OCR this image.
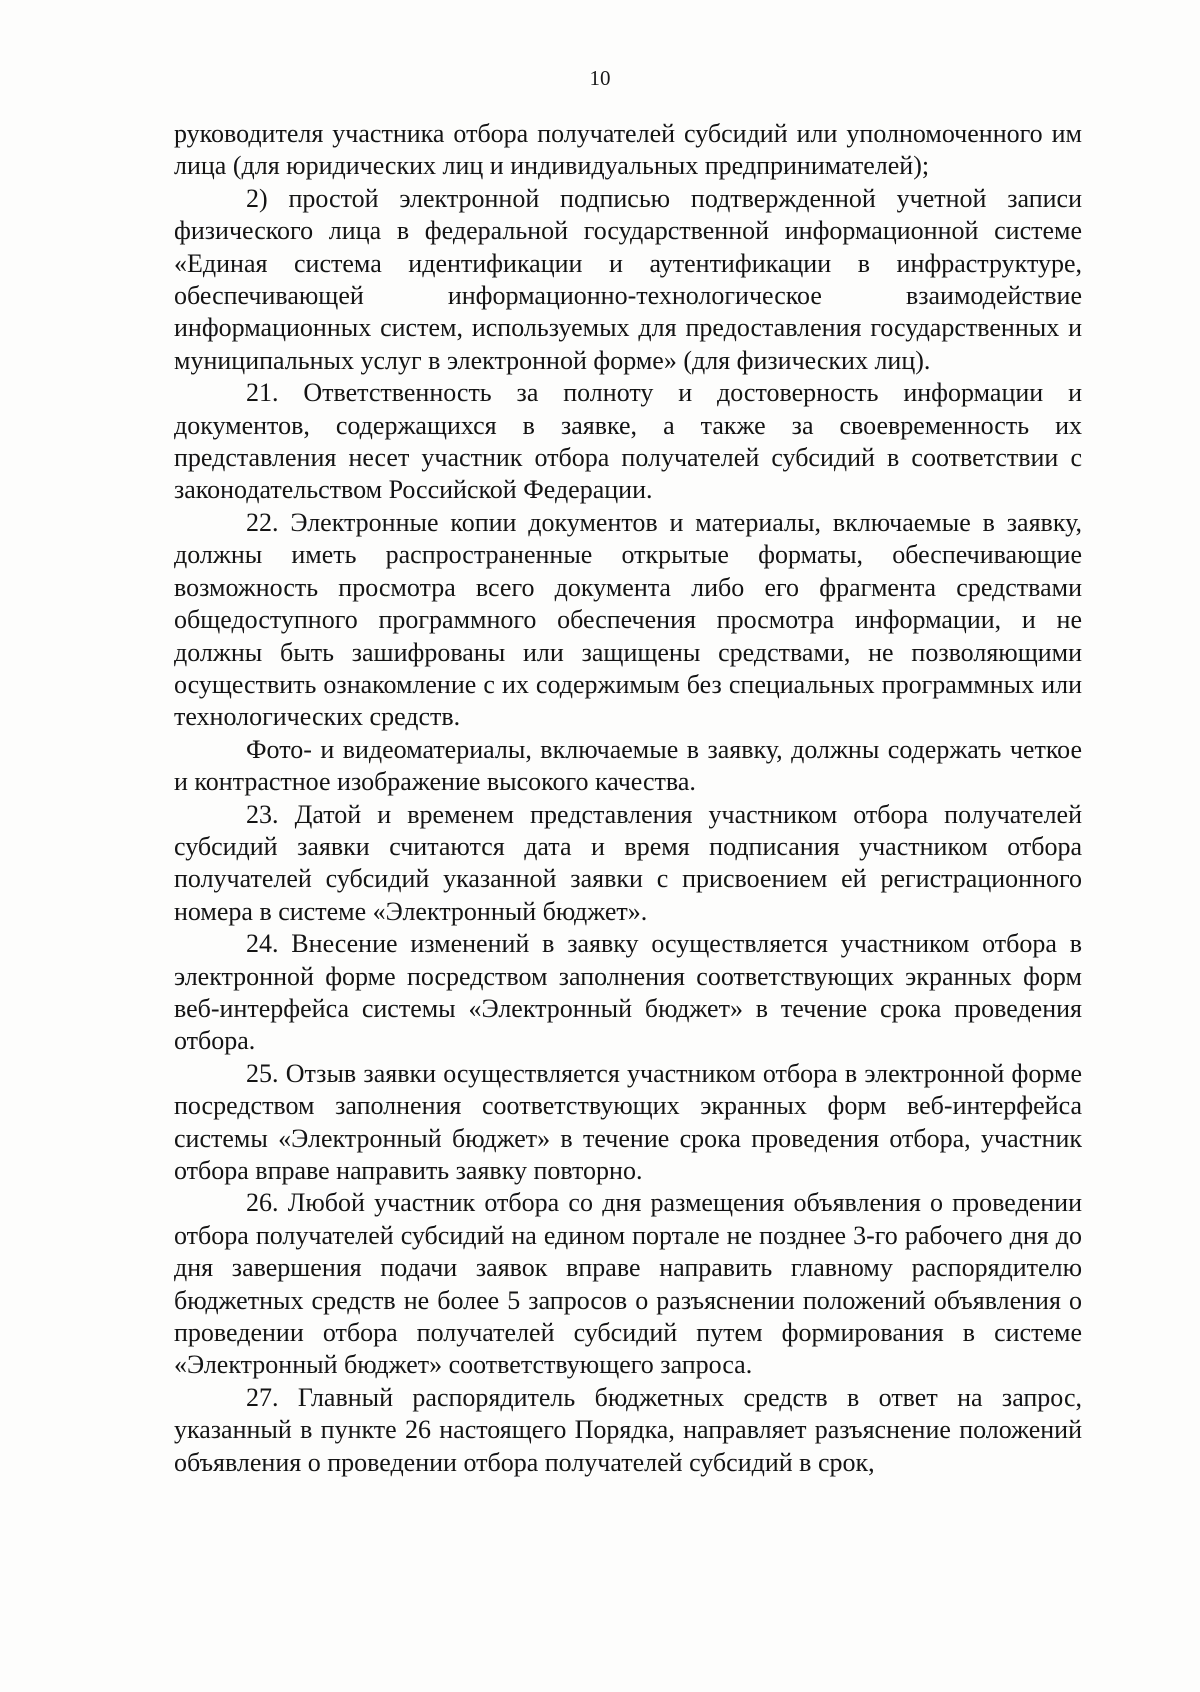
10

руководителя участника отбора получателей субсидий или уполномоченного им лица (для юридических лиц и индивидуальных предпринимателей);

2) простой электронной подписью подтвержденной учетной записи физического лица в федеральной государственной информационной системе «Единая система идентификации и аутентификации в инфраструктуре, обеспечивающей информационно-технологическое взаимодействие информационных систем, используемых для предоставления государственных и муниципальных услуг в электронной форме» (для физических лиц).

21. Ответственность за полноту и достоверность информации и документов, содержащихся в заявке, а также за своевременность их представления несет участник отбора получателей субсидий в соответствии с законодательством Российской Федерации.

22. Электронные копии документов и материалы, включаемые в заявку, должны иметь распространенные открытые форматы, обеспечивающие возможность просмотра всего документа либо его фрагмента средствами общедоступного программного обеспечения просмотра информации, и не должны быть зашифрованы или защищены средствами, не позволяющими осуществить ознакомление с их содержимым без специальных программных или технологических средств.

Фото- и видеоматериалы, включаемые в заявку, должны содержать четкое и контрастное изображение высокого качества.

23. Датой и временем представления участником отбора получателей субсидий заявки считаются дата и время подписания участником отбора получателей субсидий указанной заявки с присвоением ей регистрационного номера в системе «Электронный бюджет».

24. Внесение изменений в заявку осуществляется участником отбора в электронной форме посредством заполнения соответствующих экранных форм веб-интерфейса системы «Электронный бюджет» в течение срока проведения отбора.

25. Отзыв заявки осуществляется участником отбора в электронной форме посредством заполнения соответствующих экранных форм веб-интерфейса системы «Электронный бюджет» в течение срока проведения отбора, участник отбора вправе направить заявку повторно.

26. Любой участник отбора со дня размещения объявления о проведении отбора получателей субсидий на едином портале не позднее 3-го рабочего дня до дня завершения подачи заявок вправе направить главному распорядителю бюджетных средств не более 5 запросов о разъяснении положений объявления о проведении отбора получателей субсидий путем формирования в системе «Электронный бюджет» соответствующего запроса.

27. Главный распорядитель бюджетных средств в ответ на запрос, указанный в пункте 26 настоящего Порядка, направляет разъяснение положений объявления о проведении отбора получателей субсидий в срок,
